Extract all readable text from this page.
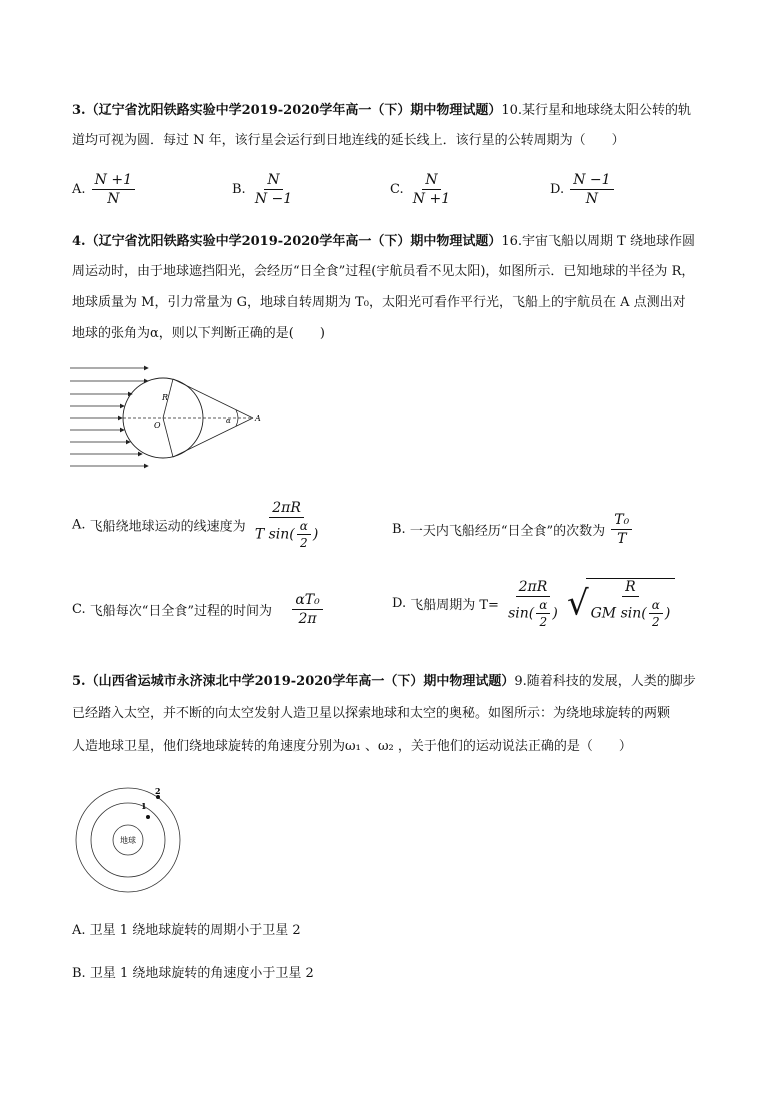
3.（辽宁省沈阳铁路实验中学2019-2020学年高一（下）期中物理试题）10.某行星和地球绕太阳公转的轨
道均可视为圆．每过 N 年，该行星会运行到日地连线的延长线上．该行星的公转周期为（　　）
A. $\frac{N +1}{N}$	B. $\frac{N}{N -1}$	C. $\frac{N}{N +1}$	D. $\frac{N -1}{N}$
4.（辽宁省沈阳铁路实验中学2019-2020学年高一（下）期中物理试题）16.宇宙飞船以周期 T 绕地球作圆
周运动时，由于地球遮挡阳光，会经历“日全食”过程(宇航员看不见太阳)，如图所示．已知地球的半径为 R，
地球质量为 M，引力常量为 G，地球自转周期为 T₀，太阳光可看作平行光，飞船上的宇航员在 A 点测出对
地球的张角为α，则以下判断正确的是(　　)
R
O	α	A
A. 飞船绕地球运动的线速度为 $\frac{2\pi R}{T \sin( \frac{\alpha}{2} )}$	B. 一天内飞船经历“日全食”的次数为 $\frac{\text{T₀}}{T}$
C. 飞船每次“日全食”过程的时间为 $\frac{\text{αT₀}}{2\pi}$	D. 飞船周期为 $T= \frac{2\pi R}{\sin( \frac{\alpha}{2} )}$ √ $\frac{R}{GM \sin( \frac{\alpha}{2} )}$
5.（山西省运城市永济涑北中学2019-2020学年高一（下）期中物理试题）9.随着科技的发展，人类的脚步
已经踏入太空，并不断的向太空发射人造卫星以探索地球和太空的奥秘。如图所示：为绕地球旋转的两颗
人造地球卫星，他们绕地球旋转的角速度分别为ω₁ 、ω₂ ，关于他们的运动说法正确的是（　　）
地球
1
2
A. 卫星 1 绕地球旋转的周期小于卫星 2
B. 卫星 1 绕地球旋转的角速度小于卫星 2
